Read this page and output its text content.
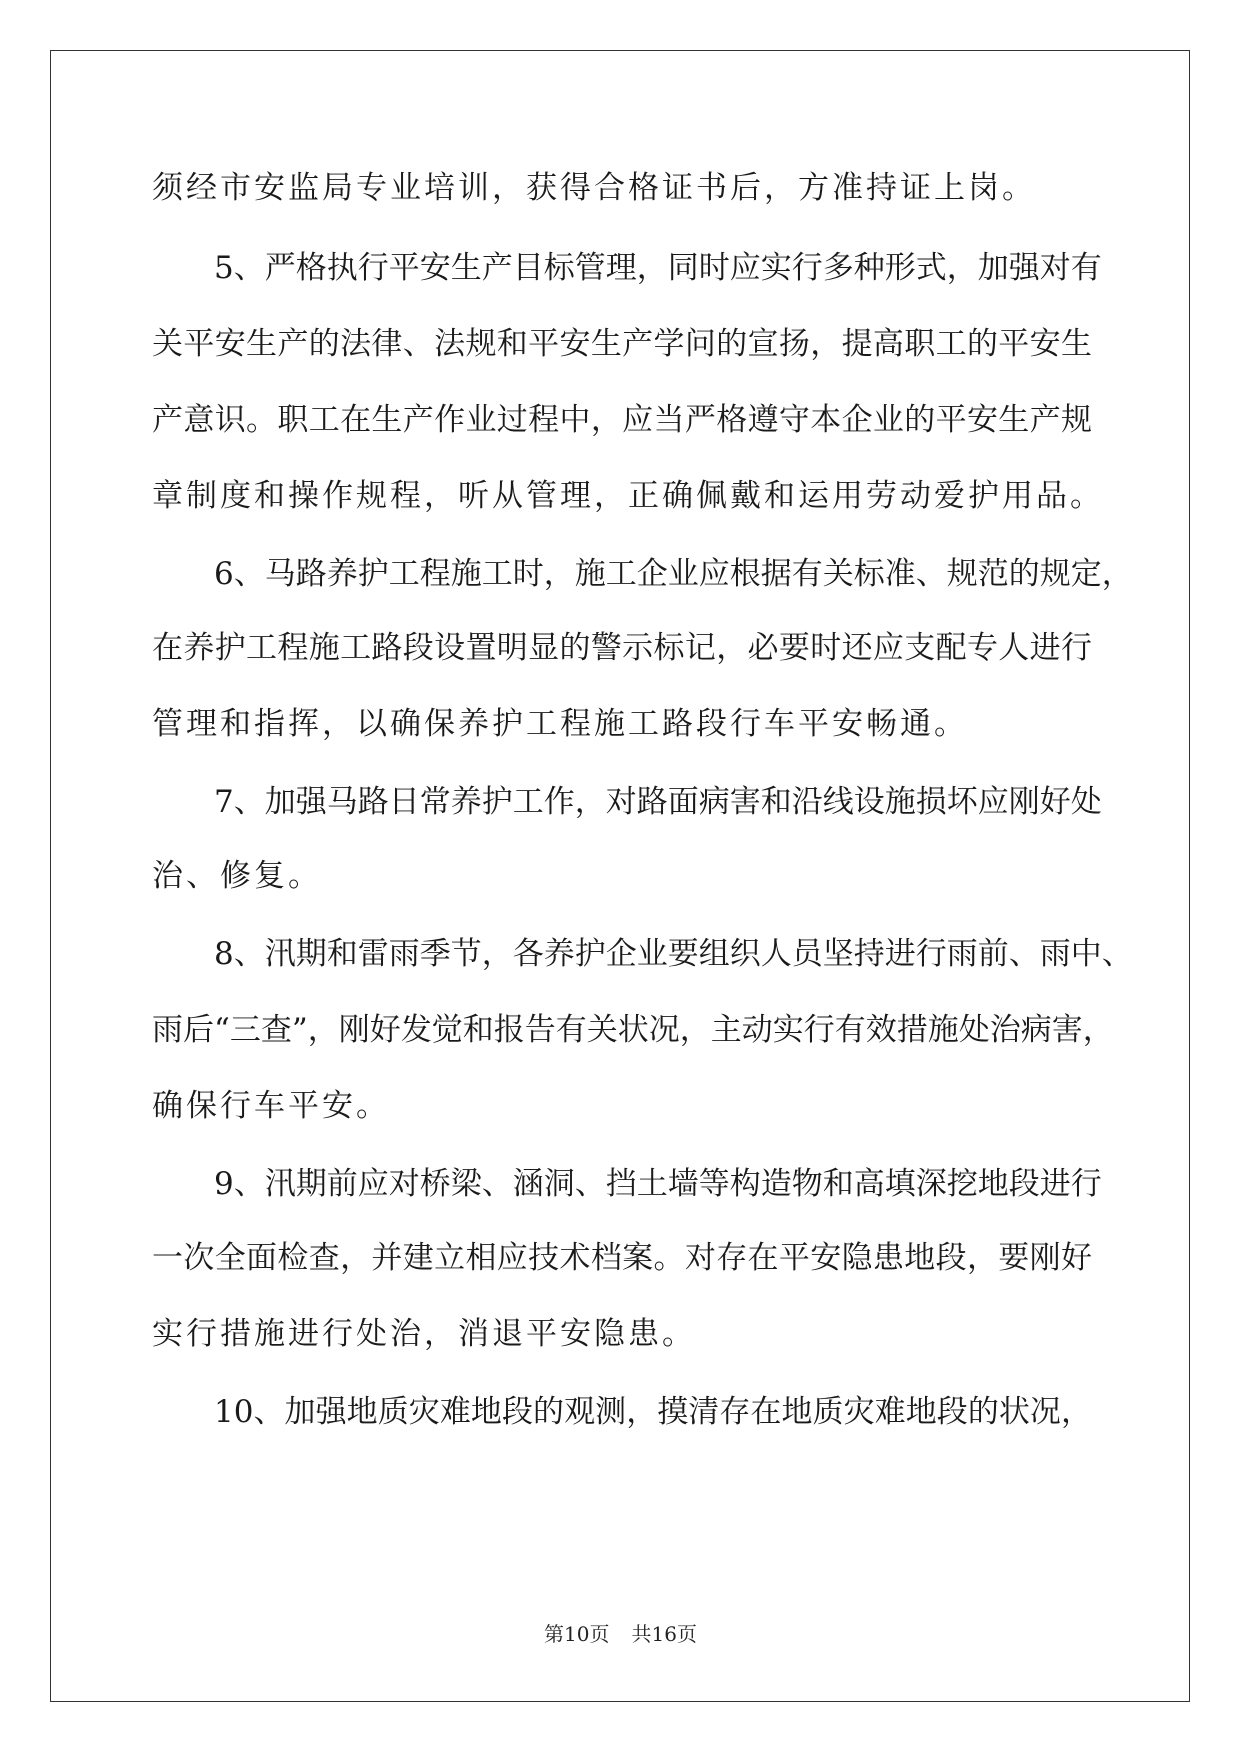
须经市安监局专业培训，获得合格证书后，方准持证上岗。
5、严格执行平安生产目标管理，同时应实行多种形式，加强对有
关平安生产的法律、法规和平安生产学问的宣扬，提高职工的平安生
产意识。职工在生产作业过程中，应当严格遵守本企业的平安生产规
章制度和操作规程，听从管理，正确佩戴和运用劳动爱护用品。
6、马路养护工程施工时，施工企业应根据有关标准、规范的规定，
在养护工程施工路段设置明显的警示标记，必要时还应支配专人进行
管理和指挥，以确保养护工程施工路段行车平安畅通。
7、加强马路日常养护工作，对路面病害和沿线设施损坏应刚好处
治、修复。
8、汛期和雷雨季节，各养护企业要组织人员坚持进行雨前、雨中、
雨后“三查”，刚好发觉和报告有关状况，主动实行有效措施处治病害，
确保行车平安。
9、汛期前应对桥梁、涵洞、挡土墙等构造物和高填深挖地段进行
一次全面检查，并建立相应技术档案。对存在平安隐患地段，要刚好
实行措施进行处治，消退平安隐患。
10、加强地质灾难地段的观测，摸清存在地质灾难地段的状况，
第10页 共16页
